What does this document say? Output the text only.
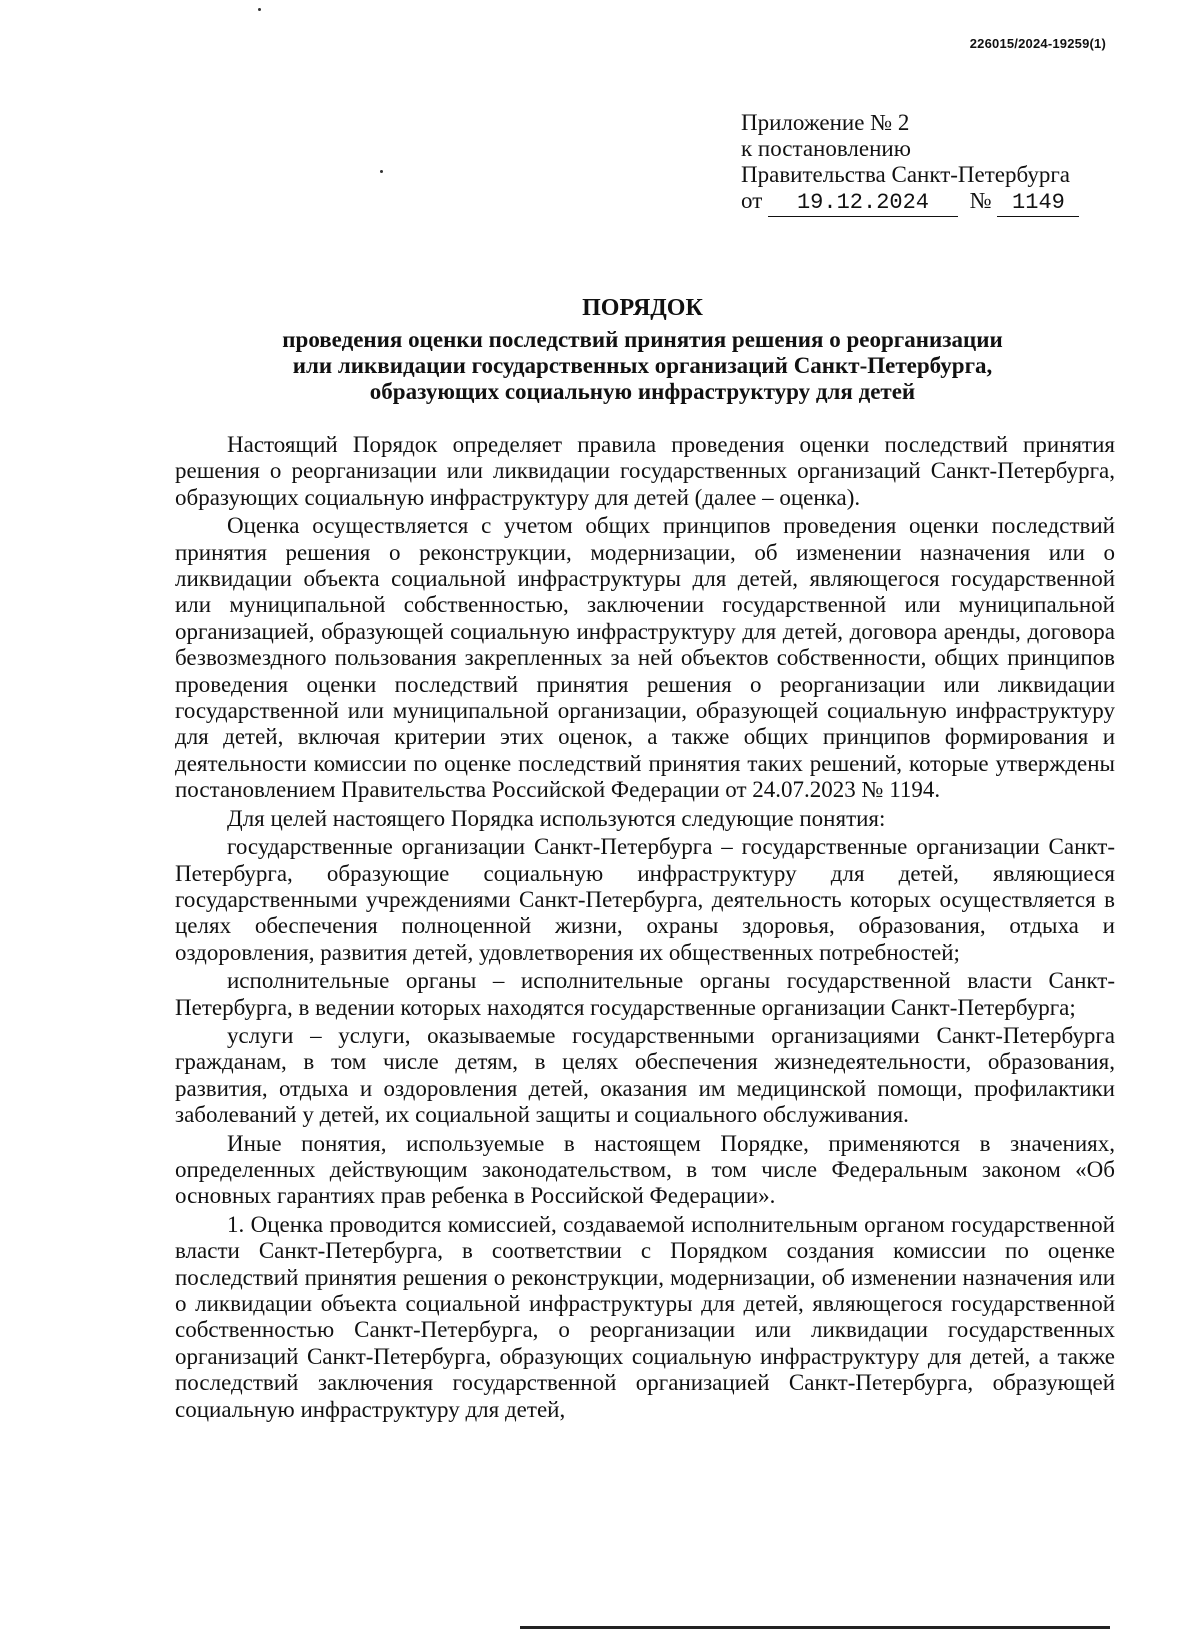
226015/2024-19259(1)
Приложение № 2
к постановлению
Правительства Санкт-Петербурга
от 19.12.2024 № 1149
ПОРЯДОК
проведения оценки последствий принятия решения о реорганизации
или ликвидации государственных организаций Санкт-Петербурга,
образующих социальную инфраструктуру для детей

Настоящий Порядок определяет правила проведения оценки последствий принятия решения о реорганизации или ликвидации государственных организаций Санкт-Петербурга, образующих социальную инфраструктуру для детей (далее – оценка).

Оценка осуществляется с учетом общих принципов проведения оценки последствий принятия решения о реконструкции, модернизации, об изменении назначения или о ликвидации объекта социальной инфраструктуры для детей, являющегося государственной или муниципальной собственностью, заключении государственной или муниципальной организацией, образующей социальную инфраструктуру для детей, договора аренды, договора безвозмездного пользования закрепленных за ней объектов собственности, общих принципов проведения оценки последствий принятия решения о реорганизации или ликвидации государственной или муниципальной организации, образующей социальную инфраструктуру для детей, включая критерии этих оценок, а также общих принципов формирования и деятельности комиссии по оценке последствий принятия таких решений, которые утверждены постановлением Правительства Российской Федерации от 24.07.2023 № 1194.

Для целей настоящего Порядка используются следующие понятия:

государственные организации Санкт-Петербурга – государственные организации Санкт-Петербурга, образующие социальную инфраструктуру для детей, являющиеся государственными учреждениями Санкт-Петербурга, деятельность которых осуществляется в целях обеспечения полноценной жизни, охраны здоровья, образования, отдыха и оздоровления, развития детей, удовлетворения их общественных потребностей;

исполнительные органы – исполнительные органы государственной власти Санкт-Петербурга, в ведении которых находятся государственные организации Санкт-Петербурга;

услуги – услуги, оказываемые государственными организациями Санкт-Петербурга гражданам, в том числе детям, в целях обеспечения жизнедеятельности, образования, развития, отдыха и оздоровления детей, оказания им медицинской помощи, профилактики заболеваний у детей, их социальной защиты и социального обслуживания.

Иные понятия, используемые в настоящем Порядке, применяются в значениях, определенных действующим законодательством, в том числе Федеральным законом «Об основных гарантиях прав ребенка в Российской Федерации».

1. Оценка проводится комиссией, создаваемой исполнительным органом государственной власти Санкт-Петербурга, в соответствии с Порядком создания комиссии по оценке последствий принятия решения о реконструкции, модернизации, об изменении назначения или о ликвидации объекта социальной инфраструктуры для детей, являющегося государственной собственностью Санкт-Петербурга, о реорганизации или ликвидации государственных организаций Санкт-Петербурга, образующих социальную инфраструктуру для детей, а также последствий заключения государственной организацией Санкт-Петербурга, образующей социальную инфраструктуру для детей,
